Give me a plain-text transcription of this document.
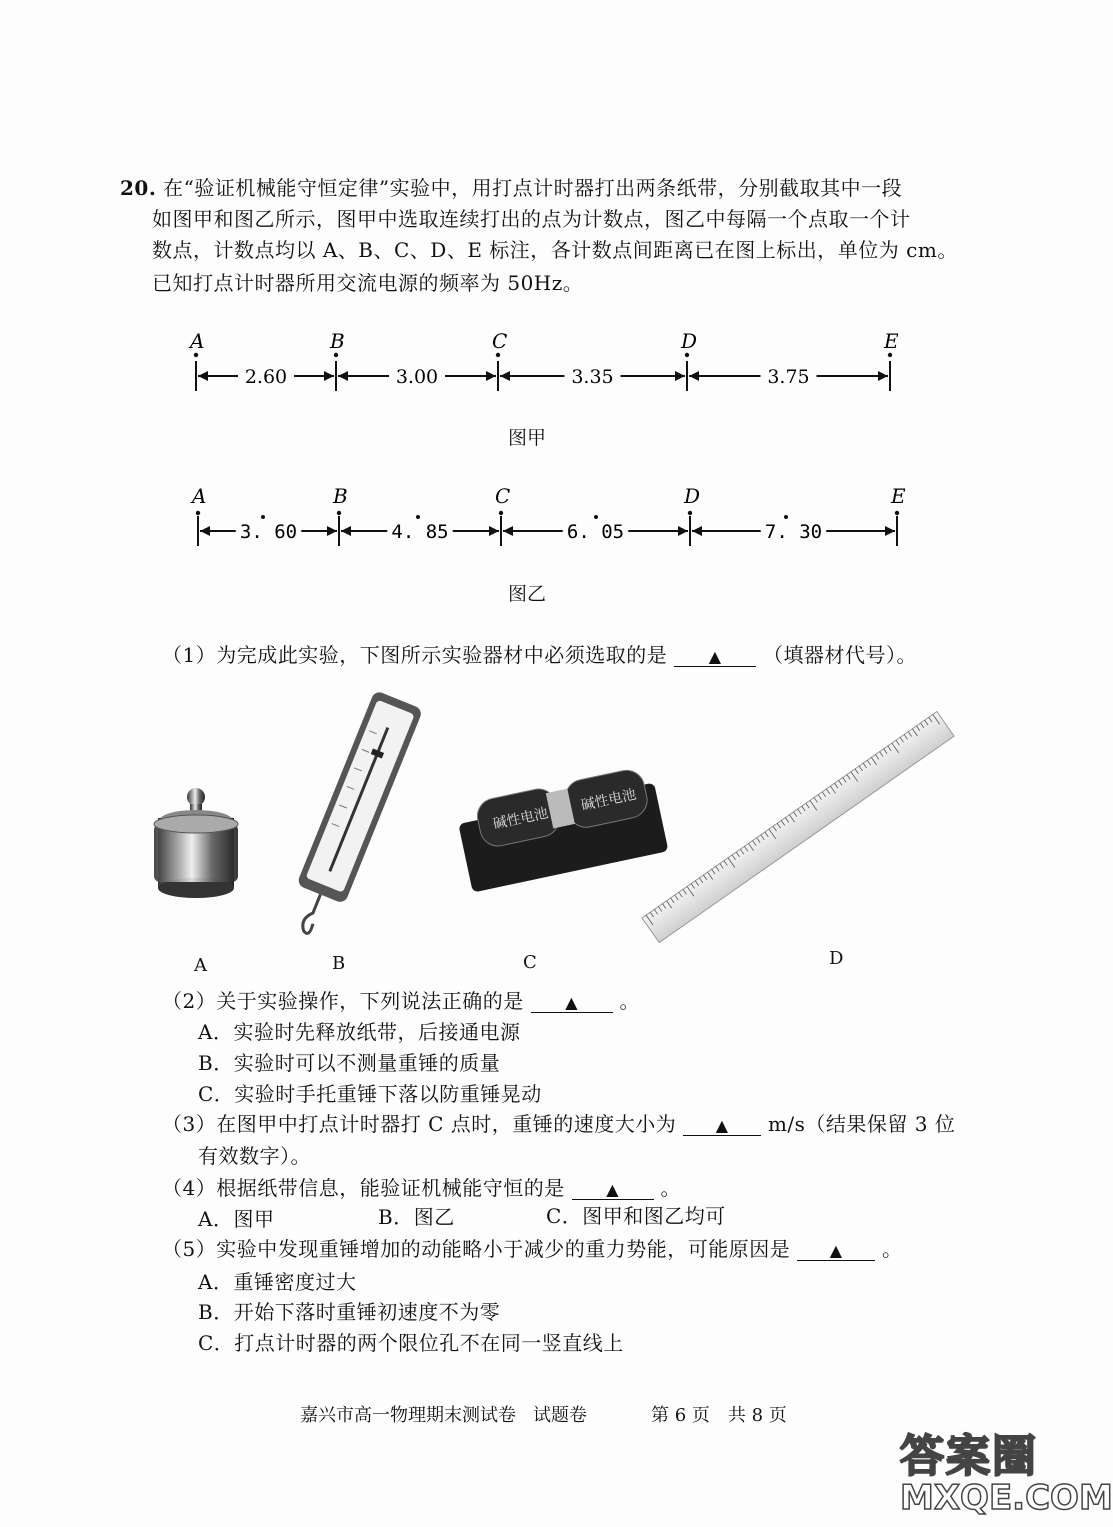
20. 在“验证机械能守恒定律”实验中，用打点计时器打出两条纸带，分别截取其中一段
如图甲和图乙所示，图甲中选取连续打出的点为计数点，图乙中每隔一个点取一个计
数点，计数点均以 A、B、C、D、E 标注，各计数点间距离已在图上标出，单位为 cm。
已知打点计时器所用交流电源的频率为 50Hz。
A	B	C	D	E
2.60	3.00	3.35	3.75
A	B	C	D	E
3. 60	4. 85	6. 05	7. 30
图甲
图乙
（1）为完成此实验，下图所示实验器材中必须选取的是	▲ （填器材代号）。
碱性电池
碱性电池
A	B	C	D
（2）关于实验操作，下列说法正确的是	▲ 。
A．实验时先释放纸带，后接通电源
B．实验时可以不测量重锤的质量
C．实验时手托重锤下落以防重锤晃动
（3）在图甲中打点计时器打 C 点时，重锤的速度大小为 ▲ m/s（结果保留 3 位
有效数字）。
（4）根据纸带信息，能验证机械能守恒的是	▲ 。
A．图甲	B．图乙	C．图甲和图乙均可
（5）实验中发现重锤增加的动能略小于减少的重力势能，可能原因是 ▲ 。
A．重锤密度过大
B．开始下落时重锤初速度不为零
C．打点计时器的两个限位孔不在同一竖直线上
嘉兴市高一物理期末测试卷 试题卷	第 6 页　共 8 页
答案圈
MXQE.COM
